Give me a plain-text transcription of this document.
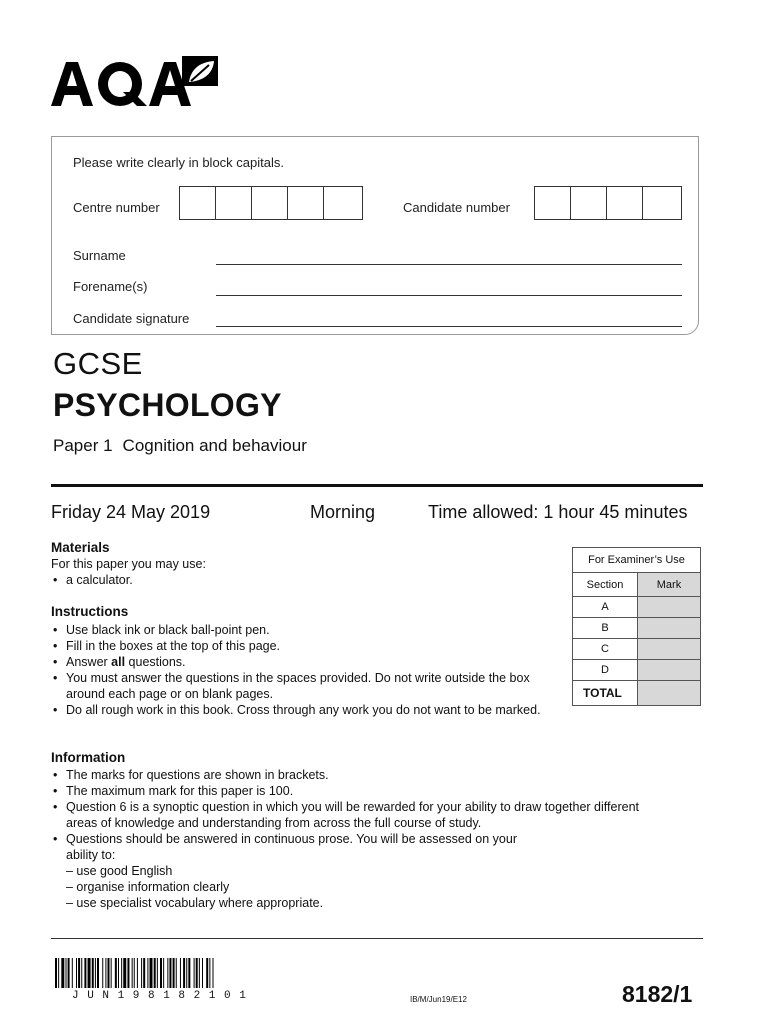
Please write clearly in block capitals.
Centre number	Candidate number
Surname
Forename(s)
Candidate signature
GCSE
PSYCHOLOGY
Paper 1 Cognition and behaviour
Friday 24 May 2019	Morning	Time allowed: 1 hour 45 minutes
Materials
For this paper you may use:
• a calculator.
Instructions
• Use black ink or black ball-point pen.
• Fill in the boxes at the top of this page.
• Answer all questions.
• You must answer the questions in the spaces provided. Do not write outside the box around each page or on blank pages.
• Do all rough work in this book. Cross through any work you do not want to be marked.
Information
• The marks for questions are shown in brackets.
• The maximum mark for this paper is 100.
• Question 6 is a synoptic question in which you will be rewarded for your ability to draw together different areas of knowledge and understanding from across the full course of study.
• Questions should be answered in continuous prose. You will be assessed on your ability to:
– use good English
– organise information clearly
– use specialist vocabulary where appropriate.
For Examiner’s Use	
Section	Mark
A	
B	
C	
D	
TOTAL	
JUN198182101	IB/M/Jun19/E12	8182/1
